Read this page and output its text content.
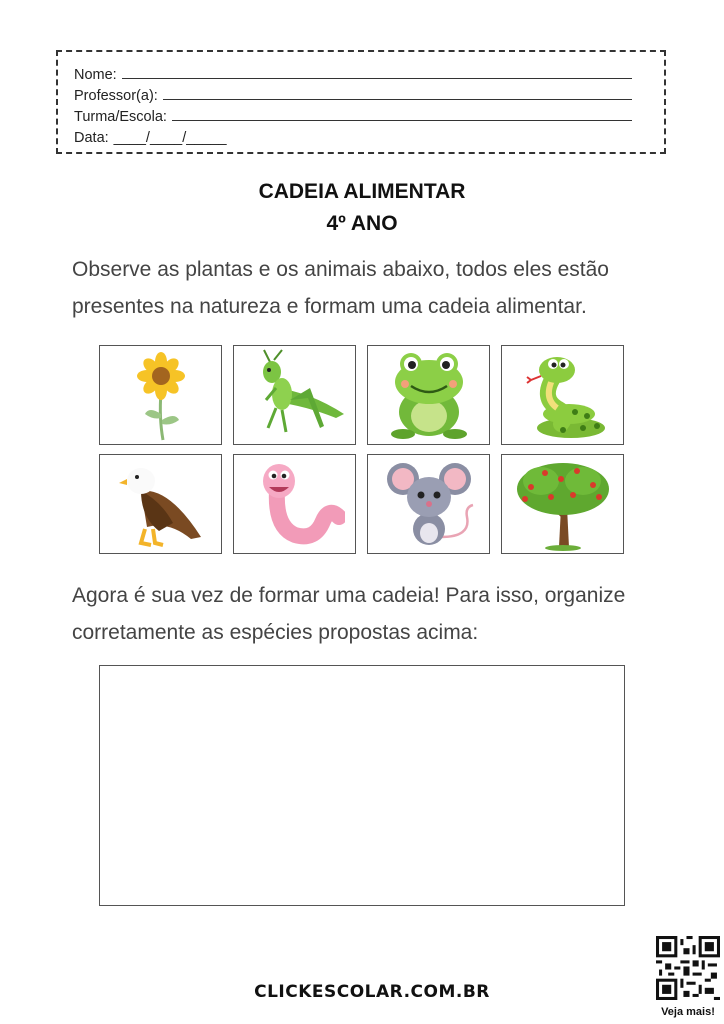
Nome:
Professor(a):
Turma/Escola:
Data: ____/____/_____
CADEIA ALIMENTAR
4º ANO
Observe as plantas e os animais abaixo, todos eles estão
presentes na natureza e formam uma cadeia alimentar.
Agora é sua vez de formar uma cadeia! Para isso, organize
corretamente as espécies propostas acima:
CLICKESCOLAR.COM.BR
Veja mais!
